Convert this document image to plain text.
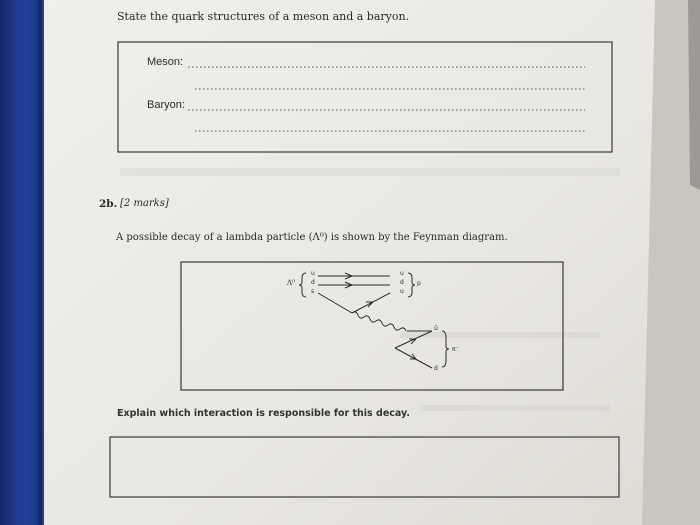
State the quark structures of a meson and a baryon.
Meson:
Baryon:
2b. [2 marks]
A possible decay of a lambda particle (Λ⁰) is shown by the Feynman diagram.
Λ⁰
u
d
s
u
d
u
p
ū
d
π⁻
Explain which interaction is responsible for this decay.
